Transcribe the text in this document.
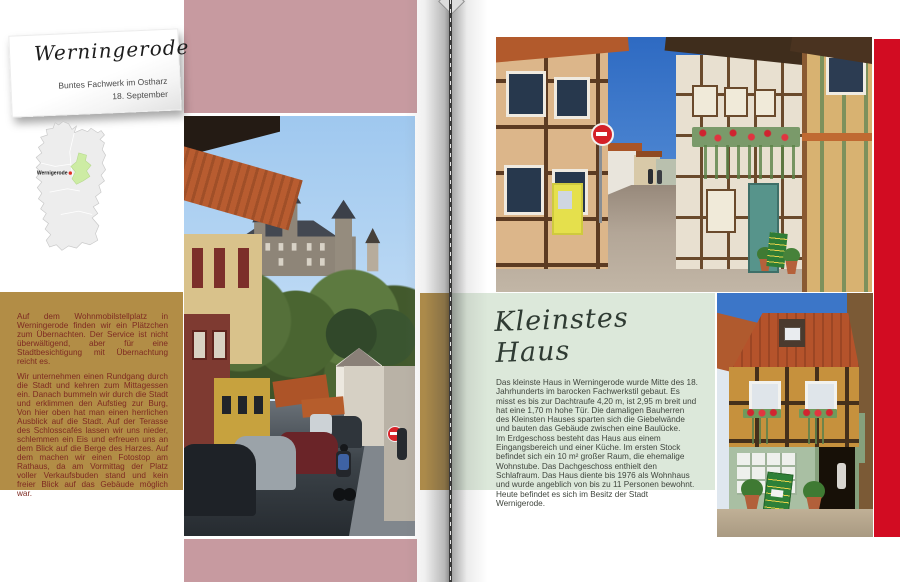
Werningerode
Buntes Fachwerk im Ostharz
18. September
Wernigerode

Auf dem Wohnmobilstellplatz in Werningerode finden wir ein Plätzchen zum Übernachten. Der Service ist nicht überwältigend, aber für eine Stadtbesichtigung mit Übernachtung reicht es.

Wir unternehmen einen Rundgang durch die Stadt und kehren zum Mittagessen ein. Danach bummeln wir durch die Stadt und erklimmen den Aufstieg zur Burg, Von hier oben hat man einen herrlichen Ausblick auf die Stadt. Auf der Terasse des Schlosscafés lassen wir uns nieder, schlemmen ein Eis und erfreuen uns an dem Blick auf die Berge des Harzes. Auf dem machen wir einen Fotostop am Rathaus, da am Vormittag der Platz voller Verkaufsbuden stand und kein freier Blick auf das Gebäude möglich war.

Kleinstes Haus

Das kleinste Haus in Werningerode wurde Mitte des 18. Jahrhunderts im barocken Fachwerkstil gebaut. Es misst es bis zur Dachtraufe 4,20 m, ist 2,95 m breit und hat eine 1,70 m hohe Tür. Die damaligen Bauherren des Kleinsten Hauses sparten sich die Giebelwände und bauten das Gebäude zwischen eine Baulücke.

Im Erdgeschoss besteht das Haus aus einem Eingangsbereich und einer Küche. Im ersten Stock befindet sich ein 10 m² großer Raum, die ehemalige Wohnstube. Das Dachgeschoss enthielt den Schlafraum. Das Haus diente bis 1976 als Wohnhaus und wurde angeblich von bis zu 11 Personen bewohnt. Heute befindet es sich im Besitz der Stadt Wernigerode.
